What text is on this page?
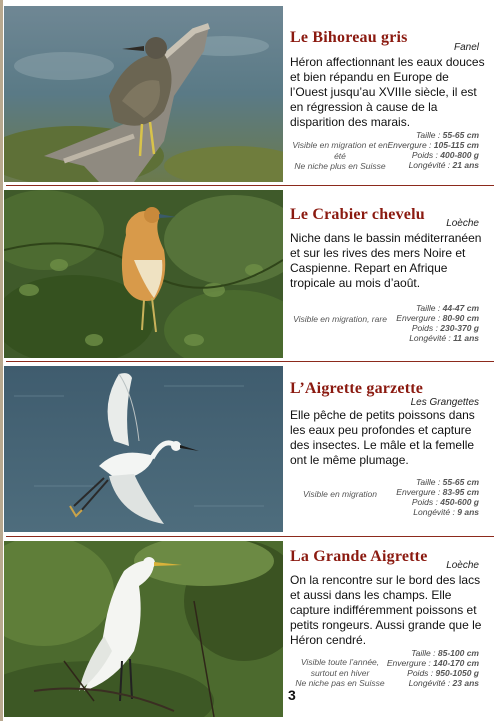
Le Bihoreau gris
Fanel
Héron affectionnant les eaux douces et bien répandu en Europe de l’Ouest jusqu’au XVIIIe siècle, il est en régression à cause de la disparition des marais.
Visible en migration et en été
Ne niche plus en Suisse
Taille : 55-65 cm
Envergure : 105-115 cm
Poids : 400-800 g
Longévité : 21 ans
Le Crabier chevelu
Loèche
Niche dans le bassin méditerranéen et sur les rives des mers Noire et Caspienne. Repart en Afrique tropicale au mois d’août.
Visible en migration, rare
Taille : 44-47 cm
Envergure : 80-90 cm
Poids : 230-370 g
Longévité : 11 ans
L’Aigrette garzette
Les Grangettes
Elle pêche de petits poissons dans les eaux peu profondes et capture des insectes. Le mâle et la femelle ont le même plumage.
Visible en migration
Taille : 55-65 cm
Envergure : 83-95 cm
Poids : 450-600 g
Longévité : 9 ans
La Grande Aigrette
Loèche
On la rencontre sur le bord des lacs et aussi dans les champs. Elle capture indifféremment poissons et petits rongeurs. Aussi grande que le Héron cendré.
Visible toute l’année, surtout en hiver
Ne niche pas en Suisse
Taille : 85-100 cm
Envergure : 140-170 cm
Poids : 950-1050 g
Longévité : 23 ans
3
